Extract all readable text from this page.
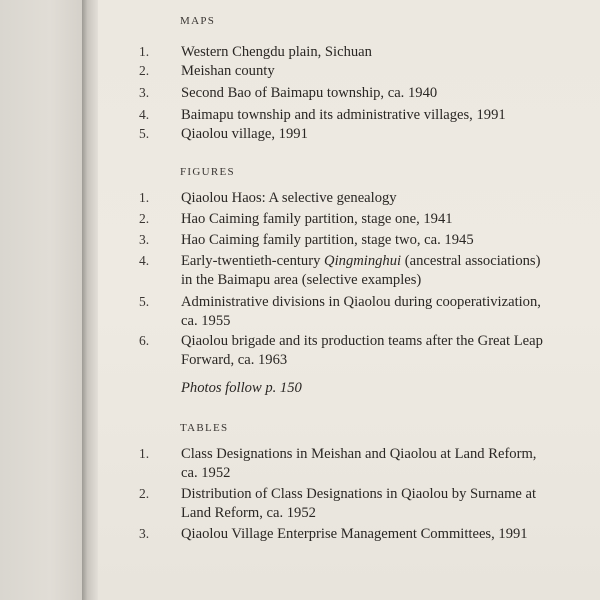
MAPS
1.	Western Chengdu plain, Sichuan
2.	Meishan county
3.	Second Bao of Baimapu township, ca. 1940
4.	Baimapu township and its administrative villages, 1991
5.	Qiaolou village, 1991
FIGURES
1.	Qiaolou Haos: A selective genealogy
2.	Hao Caiming family partition, stage one, 1941
3.	Hao Caiming family partition, stage two, ca. 1945
4.	Early-twentieth-century Qingminghui (ancestral associations)
in the Baimapu area (selective examples)
5.	Administrative divisions in Qiaolou during cooperativization,
ca. 1955
6.	Qiaolou brigade and its production teams after the Great Leap
Forward, ca. 1963
Photos follow p. 150
TABLES
1.	Class Designations in Meishan and Qiaolou at Land Reform,
ca. 1952
2.	Distribution of Class Designations in Qiaolou by Surname at
Land Reform, ca. 1952
3.	Qiaolou Village Enterprise Management Committees, 1991
